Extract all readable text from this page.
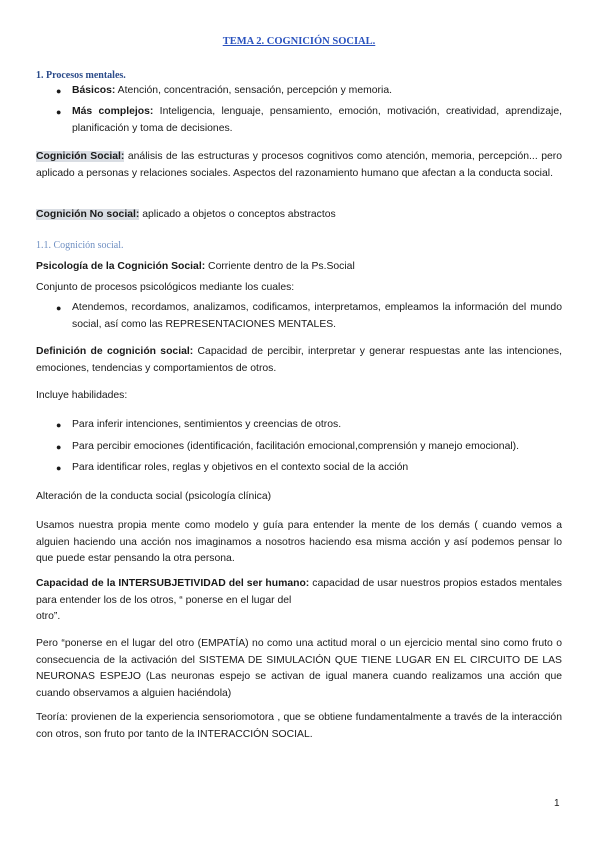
TEMA 2. COGNICIÓN SOCIAL.
1. Procesos mentales.
● Básicos: Atención, concentración, sensación, percepción y memoria.
● Más complejos: Inteligencia, lenguaje, pensamiento, emoción, motivación, creatividad, aprendizaje, planificación y toma de decisiones.
Cognición Social: análisis de las estructuras y procesos cognitivos como atención, memoria, percepción... pero aplicado a personas y relaciones sociales. Aspectos del razonamiento humano que afectan a la conducta social.
Cognición No social: aplicado a objetos o conceptos abstractos
1.1. Cognición social.
Psicología de la Cognición Social: Corriente dentro de la Ps.Social
Conjunto de procesos psicológicos mediante los cuales:
● Atendemos, recordamos, analizamos, codificamos, interpretamos, empleamos la información del mundo social, así como las REPRESENTACIONES MENTALES.
Definición de cognición social: Capacidad de percibir, interpretar y generar respuestas ante las intenciones, emociones, tendencias y comportamientos de otros.
Incluye habilidades:
● Para inferir intenciones, sentimientos y creencias de otros.
● Para percibir emociones (identificación, facilitación emocional,comprensión y manejo emocional).
● Para identificar roles, reglas y objetivos en el contexto social de la acción
Alteración de la conducta social (psicología clínica)
Usamos nuestra propia mente como modelo y guía para entender la mente de los demás ( cuando vemos a alguien haciendo una acción nos imaginamos a nosotros haciendo esa misma acción y así podemos pensar lo que puede estar pensando la otra persona.
Capacidad de la INTERSUBJETIVIDAD del ser humano: capacidad de usar nuestros propios estados mentales para entender los de los otros, “ ponerse en el lugar del
otro”.
Pero “ponerse en el lugar del otro (EMPATÍA) no como una actitud moral o un ejercicio mental sino como fruto o consecuencia de la activación del SISTEMA DE SIMULACIÓN QUE TIENE LUGAR EN EL CIRCUITO DE LAS NEURONAS ESPEJO (Las neuronas espejo se activan de igual manera cuando realizamos una acción que cuando observamos a alguien haciéndola)
Teoría: provienen de la experiencia sensoriomotora , que se obtiene fundamentalmente a través de la interacción con otros, son fruto por tanto de la INTERACCIÓN SOCIAL.
1
